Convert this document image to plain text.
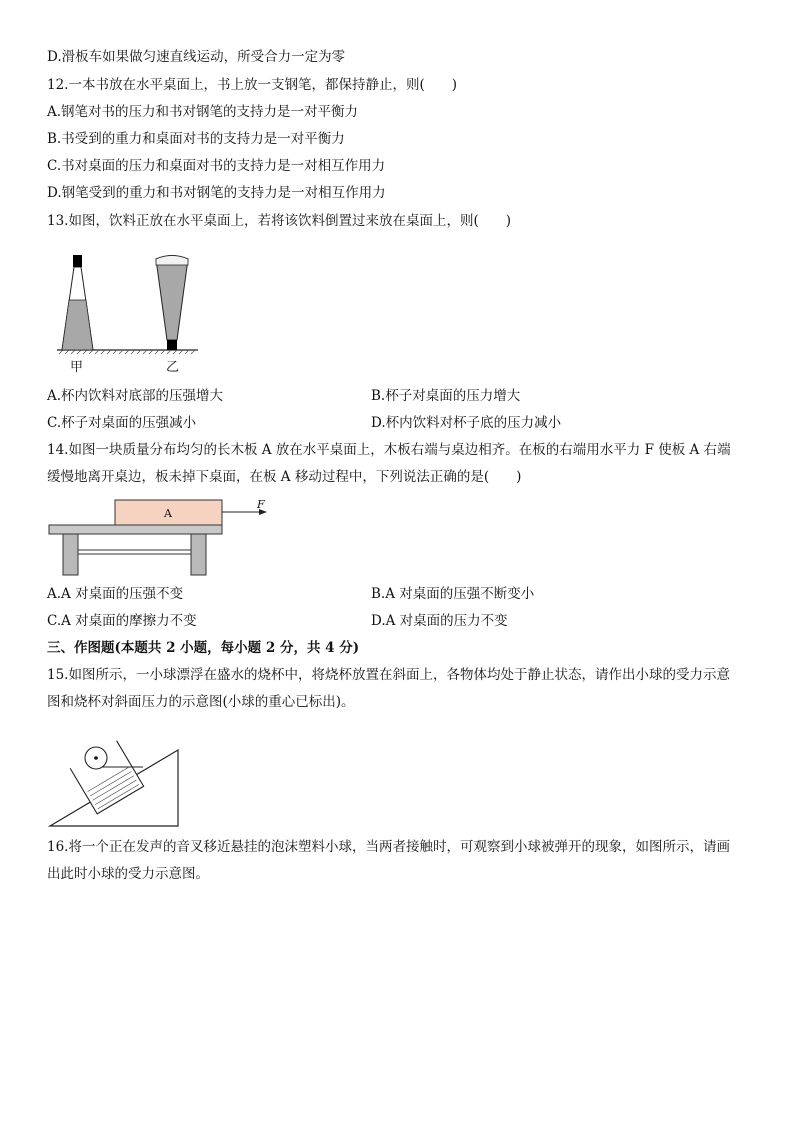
D.滑板车如果做匀速直线运动，所受合力一定为零
12.一本书放在水平桌面上，书上放一支钢笔，都保持静止，则(　　)
A.钢笔对书的压力和书对钢笔的支持力是一对平衡力
B.书受到的重力和桌面对书的支持力是一对平衡力
C.书对桌面的压力和桌面对书的支持力是一对相互作用力
D.钢笔受到的重力和书对钢笔的支持力是一对相互作用力
13.如图，饮料正放在水平桌面上，若将该饮料倒置过来放在桌面上，则(　　)
甲	乙
A.杯内饮料对底部的压强增大	B.杯子对桌面的压力增大
C.杯子对桌面的压强减小	D.杯内饮料对杯子底的压力减小
14.如图一块质量分布均匀的长木板 A 放在水平桌面上，木板右端与桌边相齐。在板的右端用水平力 F 使板 A 右端
缓慢地离开桌边，板未掉下桌面，在板 A 移动过程中，下列说法正确的是(　　)
A
F
A.A 对桌面的压强不变	B.A 对桌面的压强不断变小
C.A 对桌面的摩擦力不变	D.A 对桌面的压力不变
三、作图题(本题共 2 小题，每小题 2 分，共 4 分)
15.如图所示，一小球漂浮在盛水的烧杯中，将烧杯放置在斜面上，各物体均处于静止状态，请作出小球的受力示意
图和烧杯对斜面压力的示意图(小球的重心已标出)。
16.将一个正在发声的音叉移近悬挂的泡沫塑料小球，当两者接触时，可观察到小球被弹开的现象，如图所示，请画
出此时小球的受力示意图。
